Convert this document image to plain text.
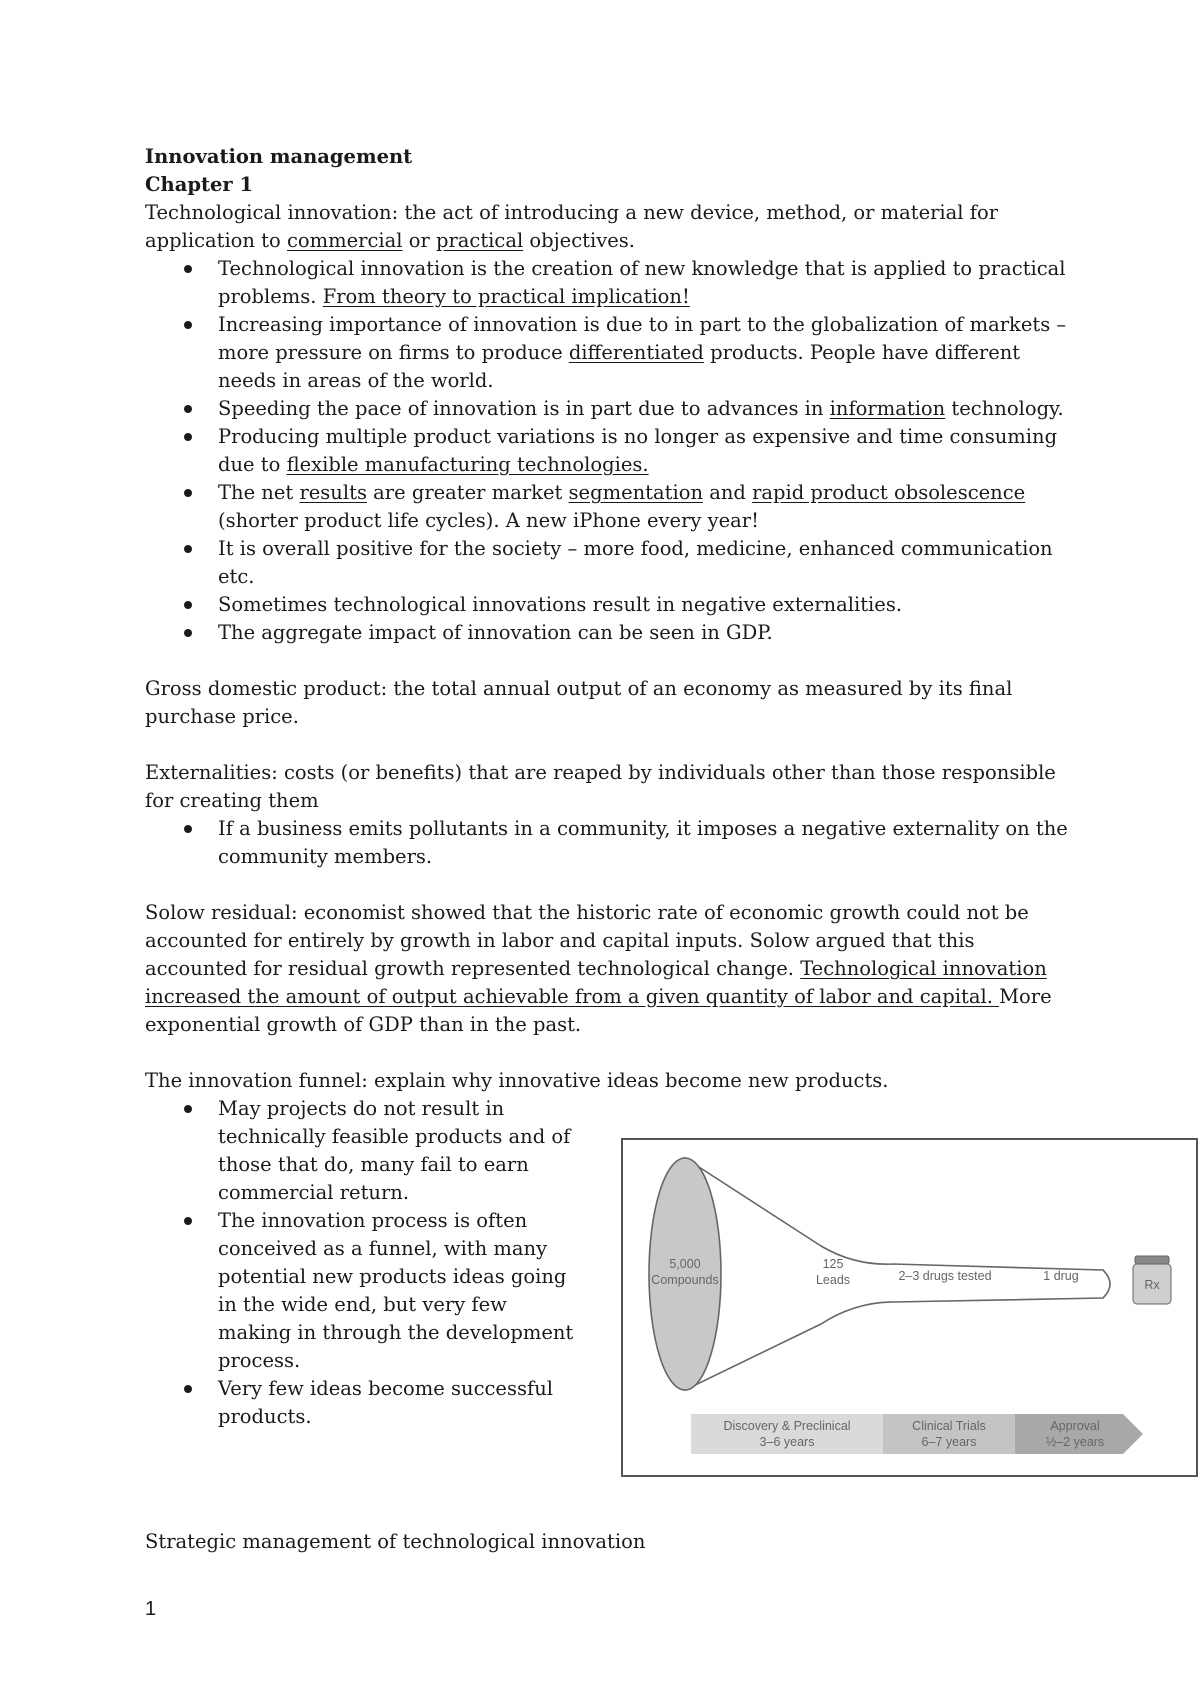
Innovation management

Chapter 1

Technological innovation: the act of introducing a new device, method, or material for application to commercial or practical objectives.

Technological innovation is the creation of new knowledge that is applied to practical problems. From theory to practical implication!
Increasing importance of innovation is due to in part to the globalization of markets – more pressure on firms to produce differentiated products. People have different needs in areas of the world.
Speeding the pace of innovation is in part due to advances in information technology.
Producing multiple product variations is no longer as expensive and time consuming due to flexible manufacturing technologies.
The net results are greater market segmentation and rapid product obsolescence (shorter product life cycles). A new iPhone every year!
It is overall positive for the society – more food, medicine, enhanced communication etc.
Sometimes technological innovations result in negative externalities.
The aggregate impact of innovation can be seen in GDP.

Gross domestic product: the total annual output of an economy as measured by its final purchase price.

Externalities: costs (or benefits) that are reaped by individuals other than those responsible for creating them

If a business emits pollutants in a community, it imposes a negative externality on the community members.

Solow residual: economist showed that the historic rate of economic growth could not be accounted for entirely by growth in labor and capital inputs. Solow argued that this accounted for residual growth represented technological change. Technological innovation increased the amount of output achievable from a given quantity of labor and capital. More exponential growth of GDP than in the past.

The innovation funnel: explain why innovative ideas become new products.

May projects do not result in technically feasible products and of those that do, many fail to earn commercial return.
The innovation process is often conceived as a funnel, with many potential new products ideas going in the wide end, but very few making in through the development process.
Very few ideas become successful products.
5,000
Compounds
125
Leads	2–3 drugs tested	1 drug
Rx
Discovery & Preclinical
3–6 years
Clinical Trials
6–7 years
Approval
½–2 years

Strategic management of technological innovation

1
